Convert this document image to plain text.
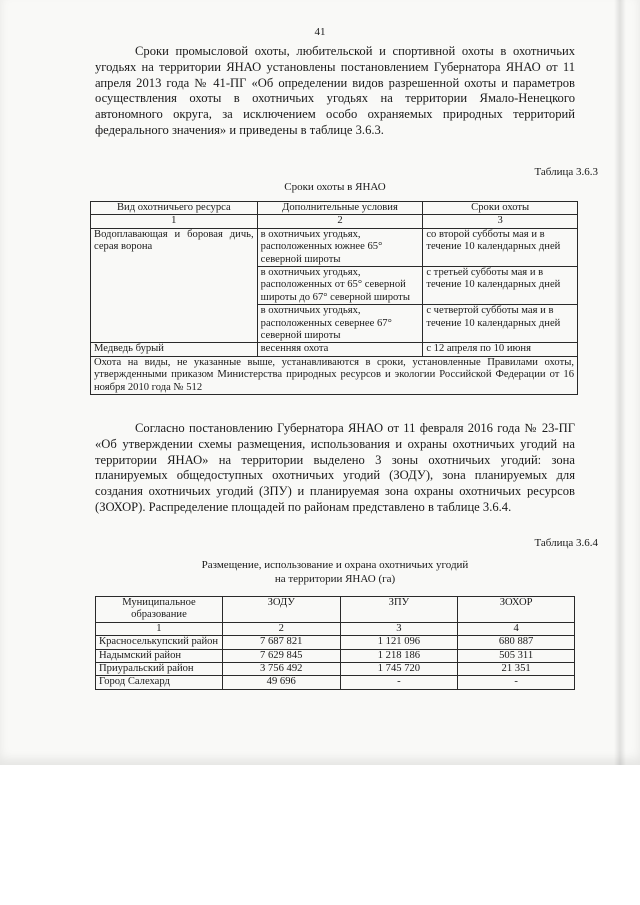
41

Сроки промысловой охоты, любительской и спортивной охоты в охотничьих угодьях на территории ЯНАО установлены постановлением Губернатора ЯНАО от 11 апреля 2013 года № 41-ПГ «Об определении видов разрешенной охоты и параметров осуществления охоты в охотничьих угодьях на территории Ямало-Ненецкого автономного округа, за исключением особо охраняемых природных территорий федерального значения» и приведены в таблице 3.6.3.

Таблица 3.6.3
Сроки охоты в ЯНАО
Вид охотничьего ресурса	Дополнительные условия	Сроки охоты
1	2	3
Водоплавающая и боровая дичь, серая ворона	в охотничьих угодьях, расположенных южнее 65° северной широты	со второй субботы мая и в течение 10 календарных дней
	в охотничьих угодьях, расположенных от 65° северной широты до 67° северной широты	с третьей субботы мая и в течение 10 календарных дней
	в охотничьих угодьях, расположенных севернее 67° северной широты	с четвертой субботы мая и в течение 10 календарных дней
Медведь бурый	весенняя охота	с 12 апреля по 10 июня
Охота на виды, не указанные выше, устанавливаются в сроки, установленные Правилами охоты, утвержденными приказом Министерства природных ресурсов и экологии Российской Федерации от 16 ноября 2010 года № 512		

Согласно постановлению Губернатора ЯНАО от 11 февраля 2016 года № 23-ПГ «Об утверждении схемы размещения, использования и охраны охотничьих угодий на территории ЯНАО» на территории выделено 3 зоны охотничьих угодий: зона планируемых общедоступных охотничьих угодий (ЗОДУ), зона планируемых для создания охотничьих угодий (ЗПУ) и планируемая зона охраны охотничьих ресурсов (ЗОХОР). Распределение площадей по районам представлено в таблице 3.6.4.

Таблица 3.6.4
Размещение, использование и охрана охотничьих угодий
на территории ЯНАО (га)
Муниципальное образование	ЗОДУ	ЗПУ	ЗОХОР
1	2	3	4
Красноселькупский район	7 687 821	1 121 096	680 887
Надымский район	7 629 845	1 218 186	505 311
Приуральский район	3 756 492	1 745 720	21 351
Город Салехард	49 696	-	-
